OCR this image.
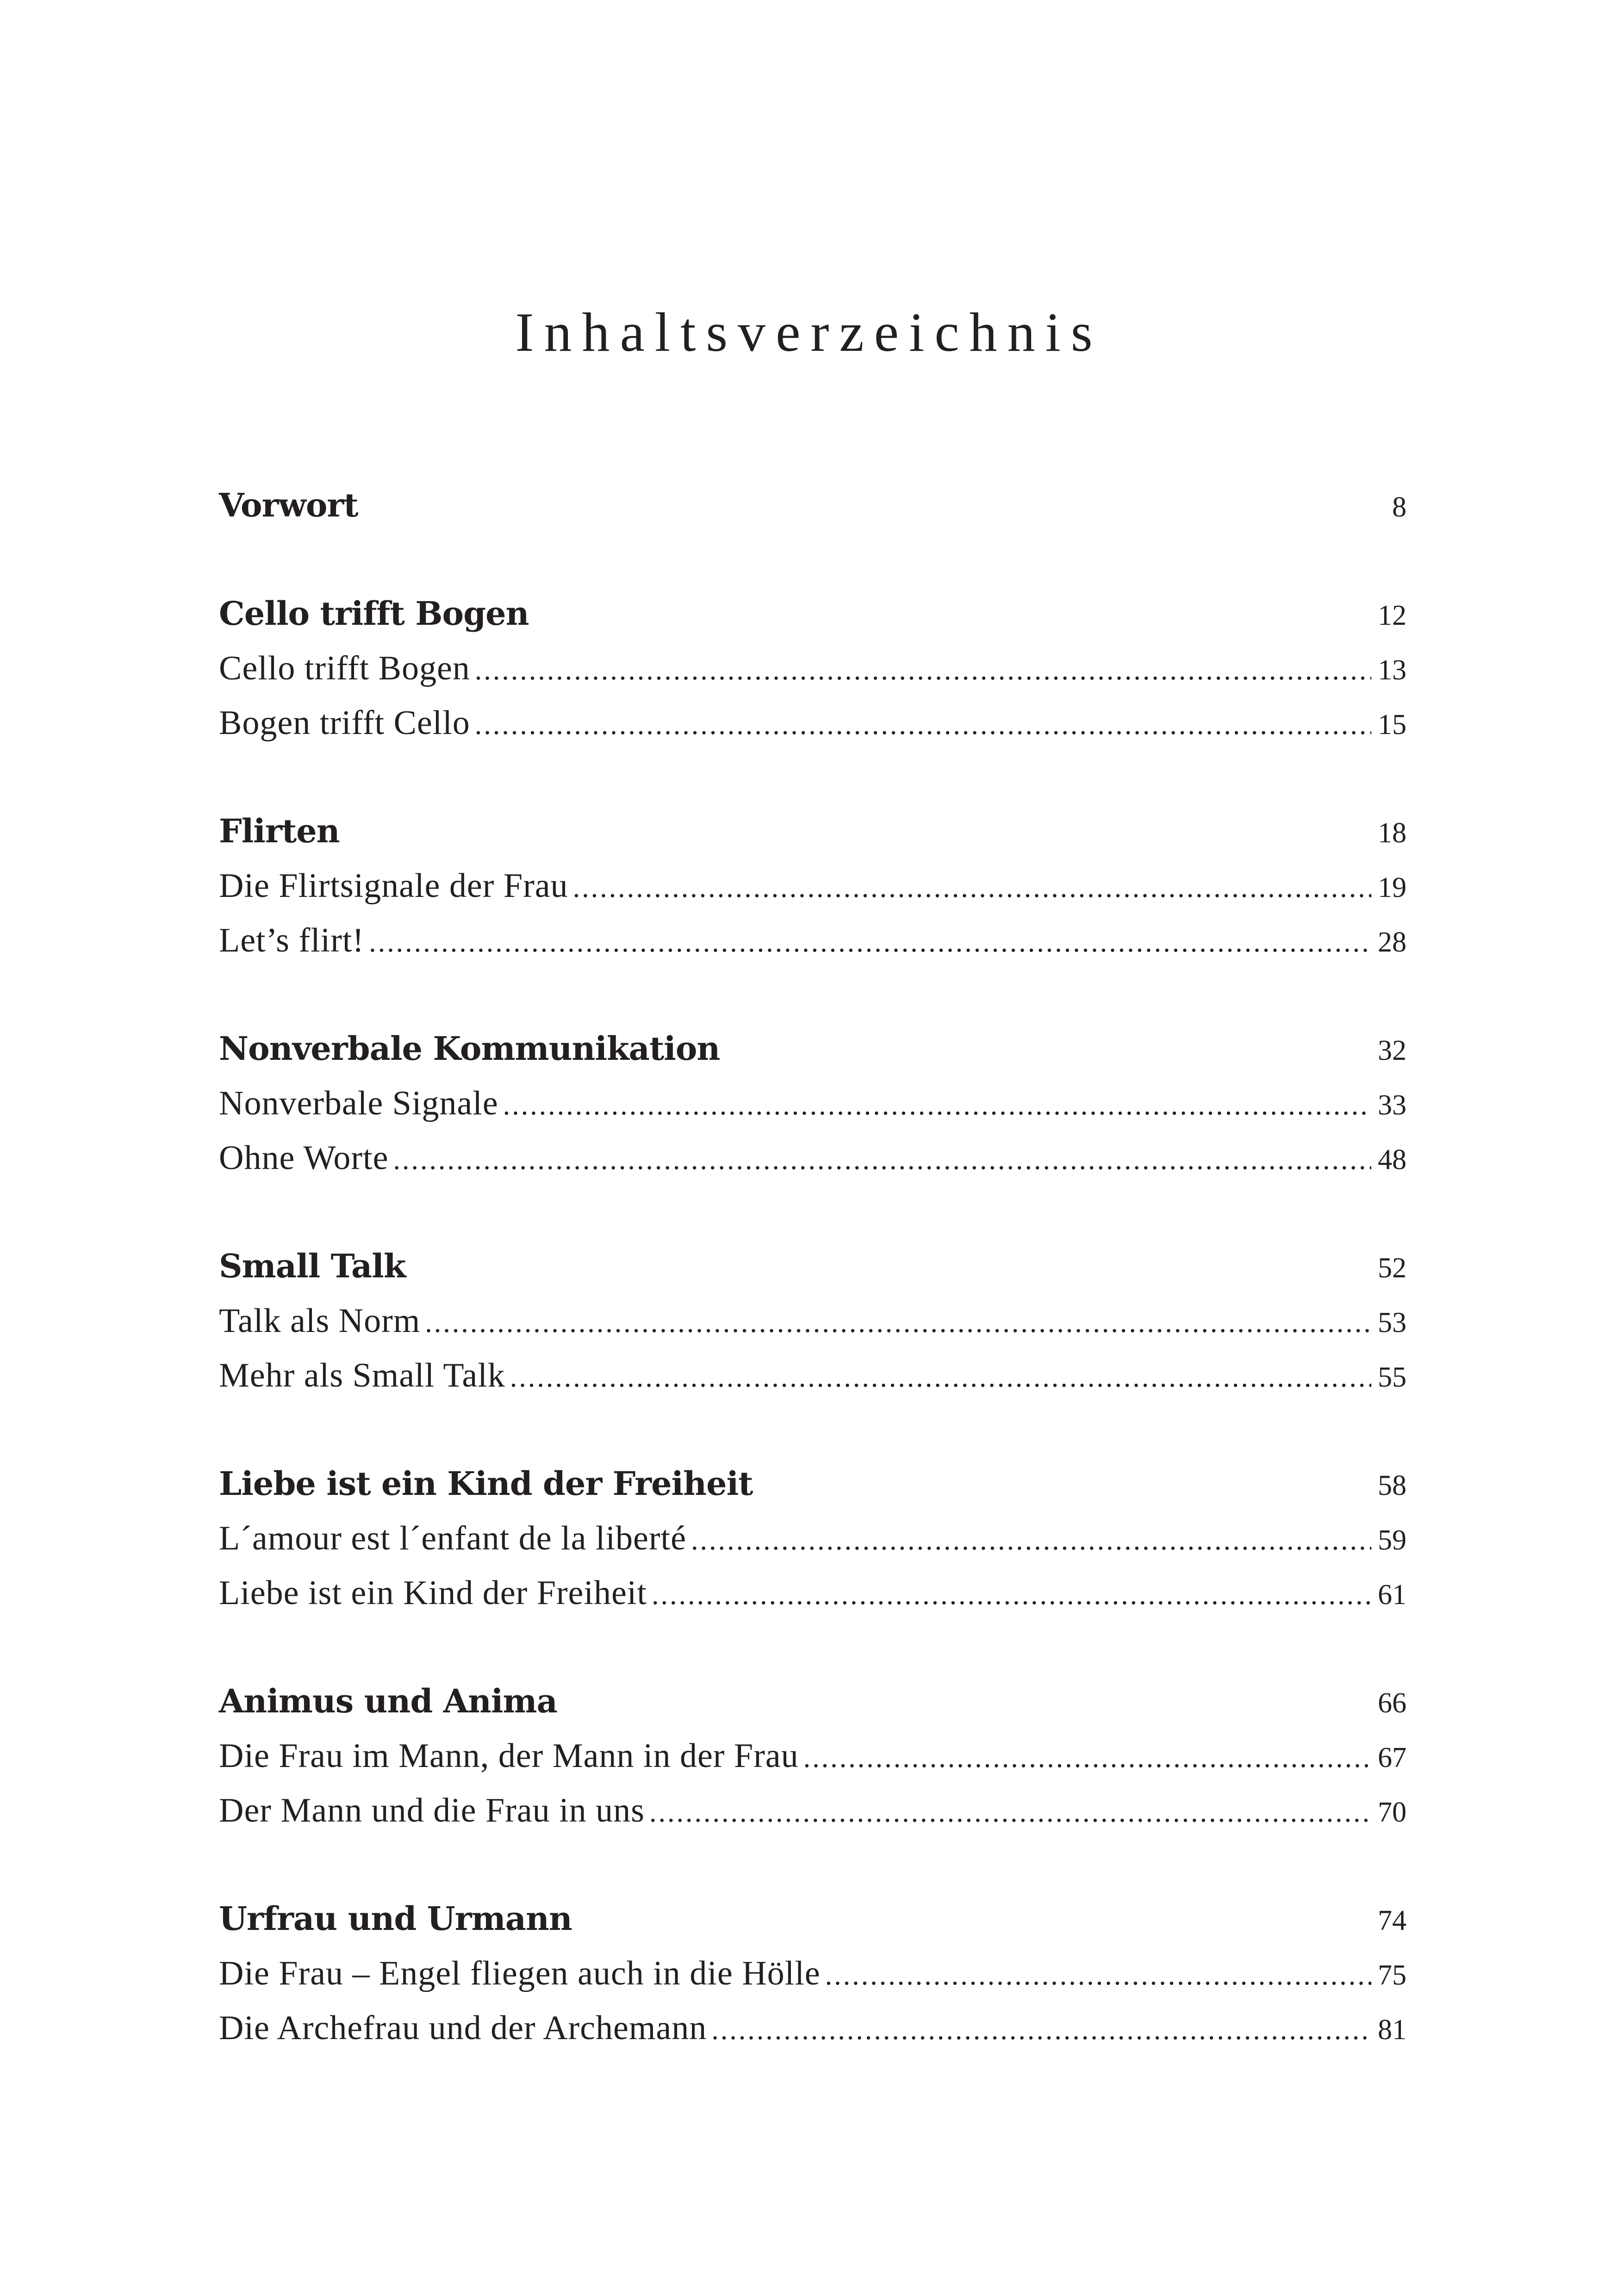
Inhaltsverzeichnis
Vorwort	8
Cello trifft Bogen	12
Cello trifft Bogen .....	13
Bogen trifft Cello .....	15
Flirten	18
Die Flirtsignale der Frau .....	19
Let’s flirt! .....	28
Nonverbale Kommunikation	32
Nonverbale Signale .....	33
Ohne Worte .....	48
Small Talk	52
Talk als Norm .....	53
Mehr als Small Talk .....	55
Liebe ist ein Kind der Freiheit	58
L´amour est l´enfant de la liberté .....	59
Liebe ist ein Kind der Freiheit .....	61
Animus und Anima	66
Die Frau im Mann, der Mann in der Frau .....	67
Der Mann und die Frau in uns .....	70
Urfrau und Urmann	74
Die Frau – Engel fliegen auch in die Hölle .....	75
Die Archefrau und der Archemann .....	81
